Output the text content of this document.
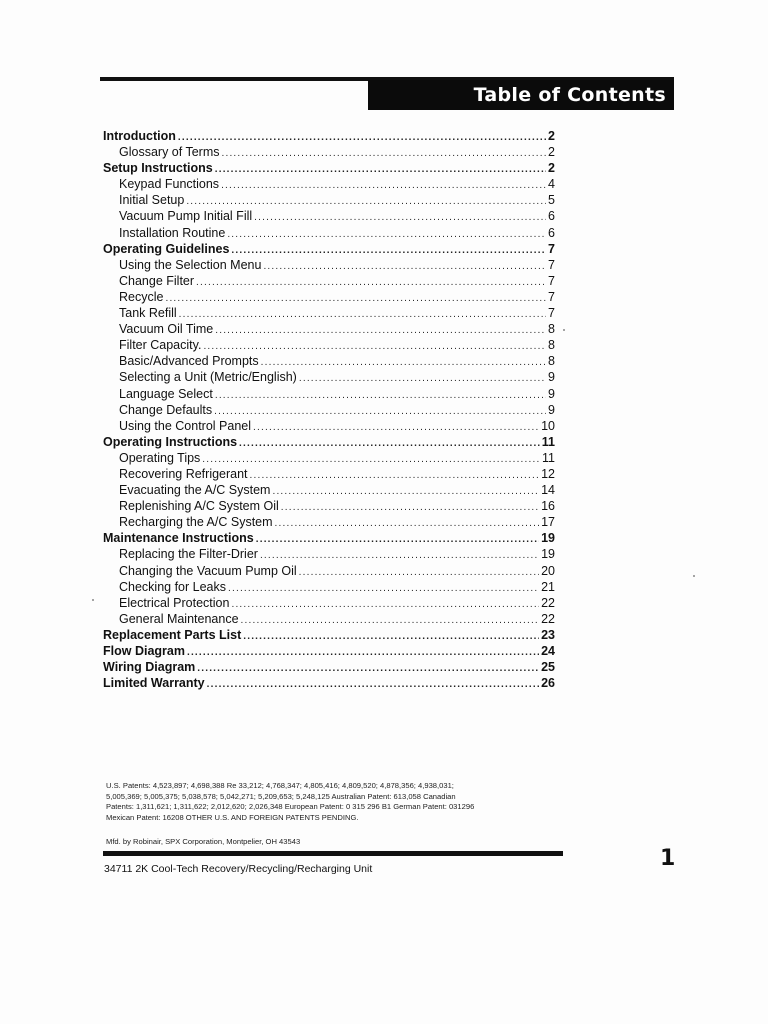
Table of Contents
Introduction .....	2
Glossary of Terms .....	2
Setup Instructions .....	2
Keypad Functions .....	4
Initial Setup .....	5
Vacuum Pump Initial Fill .....	6
Installation Routine .....	6
Operating Guidelines .....	7
Using the Selection Menu .....	7
Change Filter .....	7
Recycle .....	7
Tank Refill .....	7
Vacuum Oil Time .....	8
Filter Capacity. .....	8
Basic/Advanced Prompts .....	8
Selecting a Unit (Metric/English) .....	9
Language Select .....	9
Change Defaults .....	9
Using the Control Panel .....	10
Operating Instructions .....	11
Operating Tips .....	11
Recovering Refrigerant .....	12
Evacuating the A/C System .....	14
Replenishing A/C System Oil .....	16
Recharging the A/C System .....	17
Maintenance Instructions .....	19
Replacing the Filter-Drier .....	19
Changing the Vacuum Pump Oil .....	20
Checking for Leaks .....	21
Electrical Protection .....	22
General Maintenance .....	22
Replacement Parts List .....	23
Flow Diagram .....	24
Wiring Diagram .....	25
Limited Warranty .....	26
U.S. Patents: 4,523,897; 4,698,388 Re 33,212; 4,768,347; 4,805,416; 4,809,520; 4,878,356; 4,938,031;
5,005,369; 5,005,375; 5,038,578; 5,042,271; 5,209,653; 5,248,125 Australian Patent: 613,058 Canadian
Patents: 1,311,621; 1,311,622; 2,012,620; 2,026,348 European Patent: 0 315 296 B1 German Patent: 031296
Mexican Patent: 16208 OTHER U.S. AND FOREIGN PATENTS PENDING.
Mfd. by Robinair, SPX Corporation, Montpelier, OH 43543
34711 2K Cool-Tech Recovery/Recycling/Recharging Unit	1
